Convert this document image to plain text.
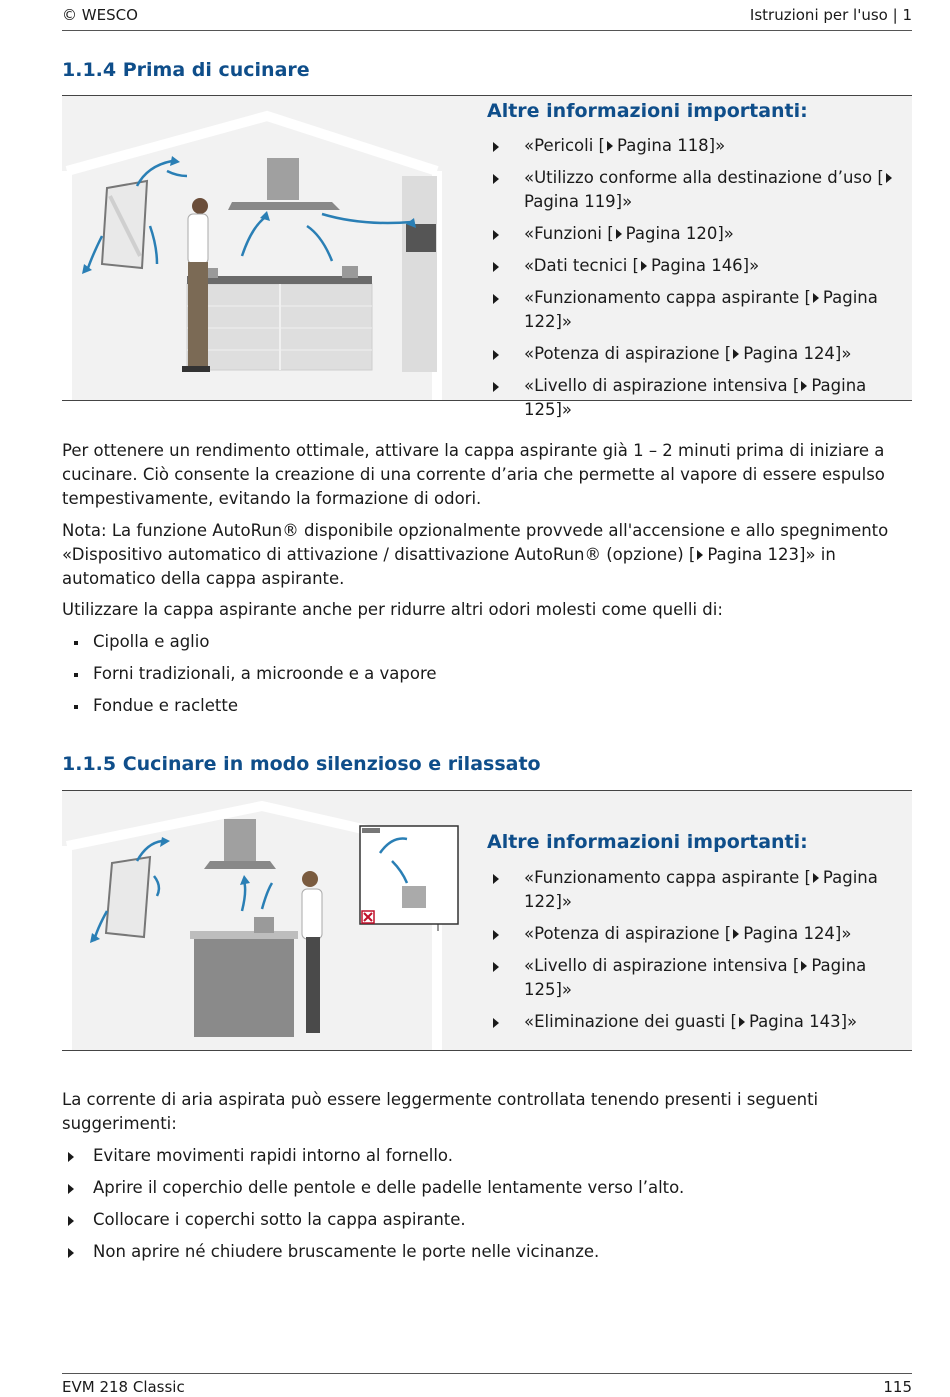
© WESCO	Istruzioni per l'uso | 1
1.1.4 Prima di cucinare
Altre informazioni importanti:
«Pericoli [ Pagina 118]»
«Utilizzo conforme alla destinazione d’uso [Pagina 119]»
«Funzioni [ Pagina 120]»
«Dati tecnici [ Pagina 146]»
«Funzionamento cappa aspirante [ Pagina 122]»
«Potenza di aspirazione [ Pagina 124]»
«Livello di aspirazione intensiva [ Pagina 125]»

Per ottenere un rendimento ottimale, attivare la cappa aspirante già 1 – 2 minuti prima di iniziare a cucinare. Ciò consente la creazione di una corrente d’aria che permette al vapore di essere espulso tempestivamente, evitando la formazione di odori.

Nota: La funzione AutoRun® disponibile opzionalmente provvede all'accensione e allo spegnimento «Dispositivo automatico di attivazione / disattivazione AutoRun® (opzione) [ Pagina 123]» in automatico della cappa aspirante.

Utilizzare la cappa aspirante anche per ridurre altri odori molesti come quelli di:

Cipolla e aglio
Forni tradizionali, a microonde e a vapore
Fondue e raclette
1.1.5 Cucinare in modo silenzioso e rilassato
Altre informazioni importanti:
«Funzionamento cappa aspirante [ Pagina 122]»
«Potenza di aspirazione [ Pagina 124]»
«Livello di aspirazione intensiva [ Pagina 125]»
«Eliminazione dei guasti [ Pagina 143]»

La corrente di aria aspirata può essere leggermente controllata tenendo presenti i seguenti suggerimenti:

Evitare movimenti rapidi intorno al fornello.
Aprire il coperchio delle pentole e delle padelle lentamente verso l’alto.
Collocare i coperchi sotto la cappa aspirante.
Non aprire né chiudere bruscamente le porte nelle vicinanze.
EVM 218 Classic	115
